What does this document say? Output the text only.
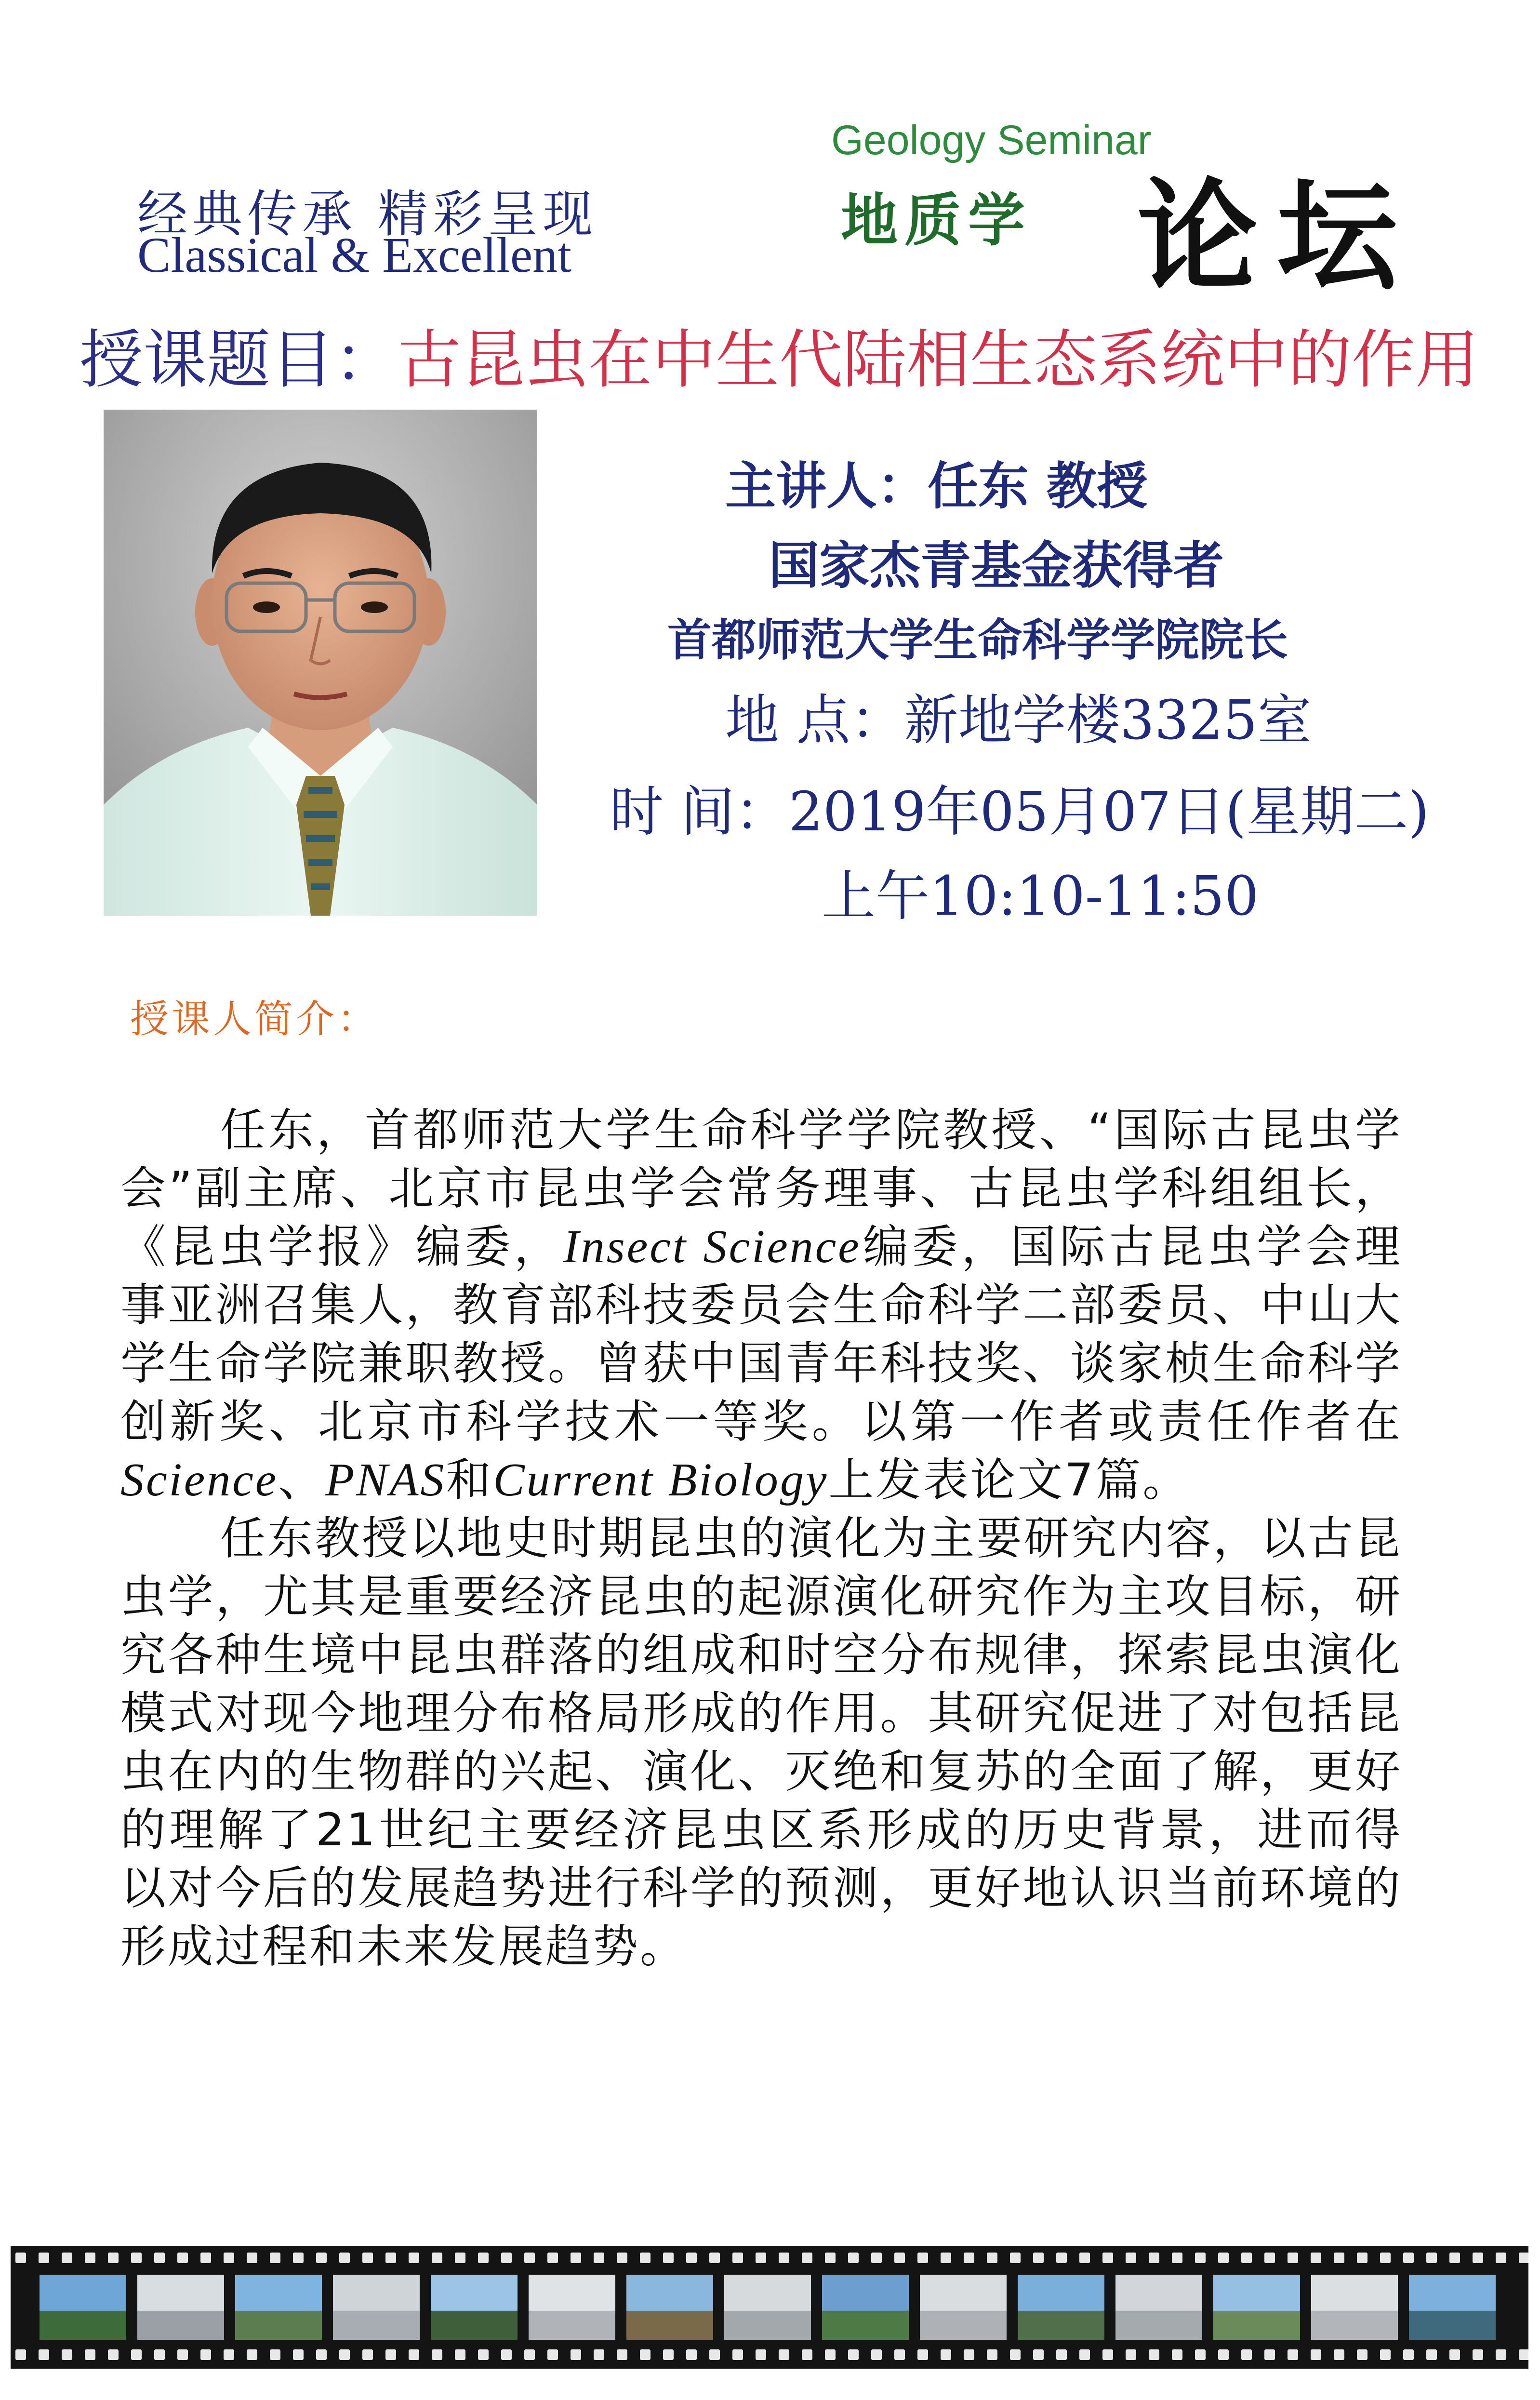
经典传承 精彩呈现
Classical & Excellent
Geology Seminar
地质学 论坛
授课题目：古昆虫在中生代陆相生态系统中的作用
主讲人：任东 教授
国家杰青基金获得者
首都师范大学生命科学学院院长
地 点：新地学楼3325室
时 间：2019年05月07日(星期二)
上午10:10-11:50
授课人简介：

任东，首都师范大学生命科学学院教授、“国际古昆虫学会”副主席、北京市昆虫学会常务理事、古昆虫学科组组长，《昆虫学报》编委，Insect Science编委，国际古昆虫学会理事亚洲召集人，教育部科技委员会生命科学二部委员、中山大学生命学院兼职教授。曾获中国青年科技奖、谈家桢生命科学创新奖、北京市科学技术一等奖。以第一作者或责任作者在Science、PNAS和Current Biology上发表论文7篇。

任东教授以地史时期昆虫的演化为主要研究内容，以古昆虫学，尤其是重要经济昆虫的起源演化研究作为主攻目标，研究各种生境中昆虫群落的组成和时空分布规律，探索昆虫演化模式对现今地理分布格局形成的作用。其研究促进了对包括昆虫在内的生物群的兴起、演化、灭绝和复苏的全面了解，更好的理解了21世纪主要经济昆虫区系形成的历史背景，进而得以对今后的发展趋势进行科学的预测，更好地认识当前环境的形成过程和未来发展趋势。
